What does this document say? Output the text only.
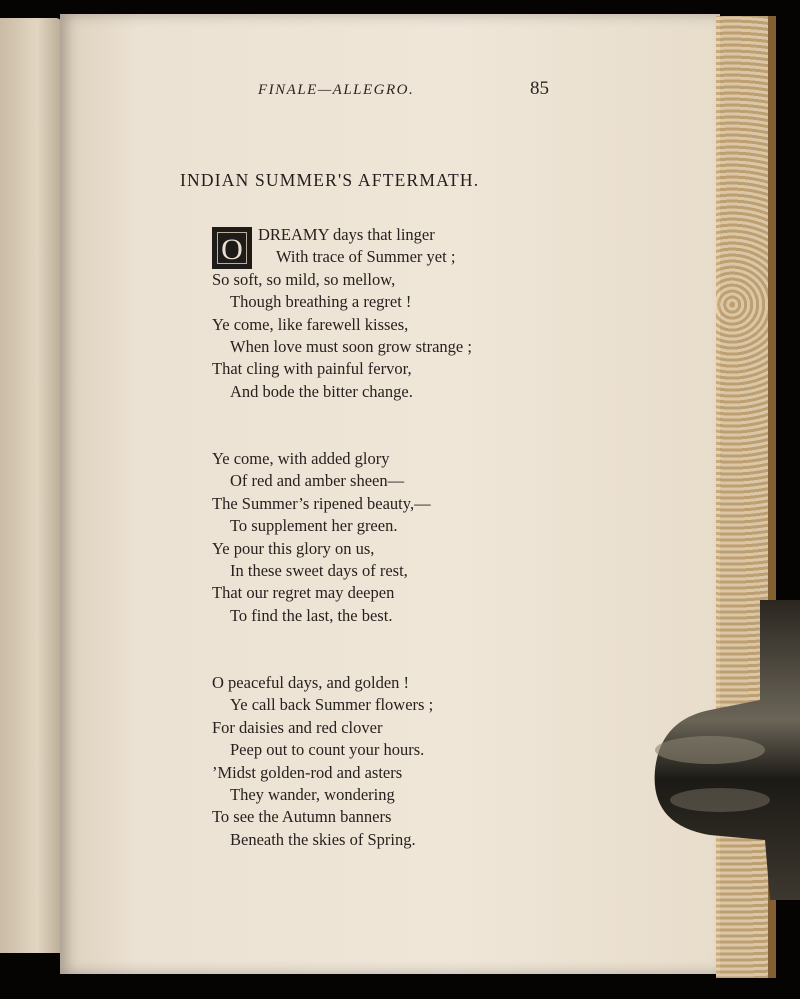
FINALE—ALLEGRO.	85
INDIAN SUMMER'S AFTERMATH.
O DREAMY days that linger
With trace of Summer yet ;
So soft, so mild, so mellow,
Though breathing a regret !
Ye come, like farewell kisses,
When love must soon grow strange ;
That cling with painful fervor,
And bode the bitter change.
Ye come, with added glory
Of red and amber sheen—
The Summer’s ripened beauty,—
To supplement her green.
Ye pour this glory on us,
In these sweet days of rest,
That our regret may deepen
To find the last, the best.
O peaceful days, and golden !
Ye call back Summer flowers ;
For daisies and red clover
Peep out to count your hours.
’Midst golden-rod and asters
They wander, wondering
To see the Autumn banners
Beneath the skies of Spring.
